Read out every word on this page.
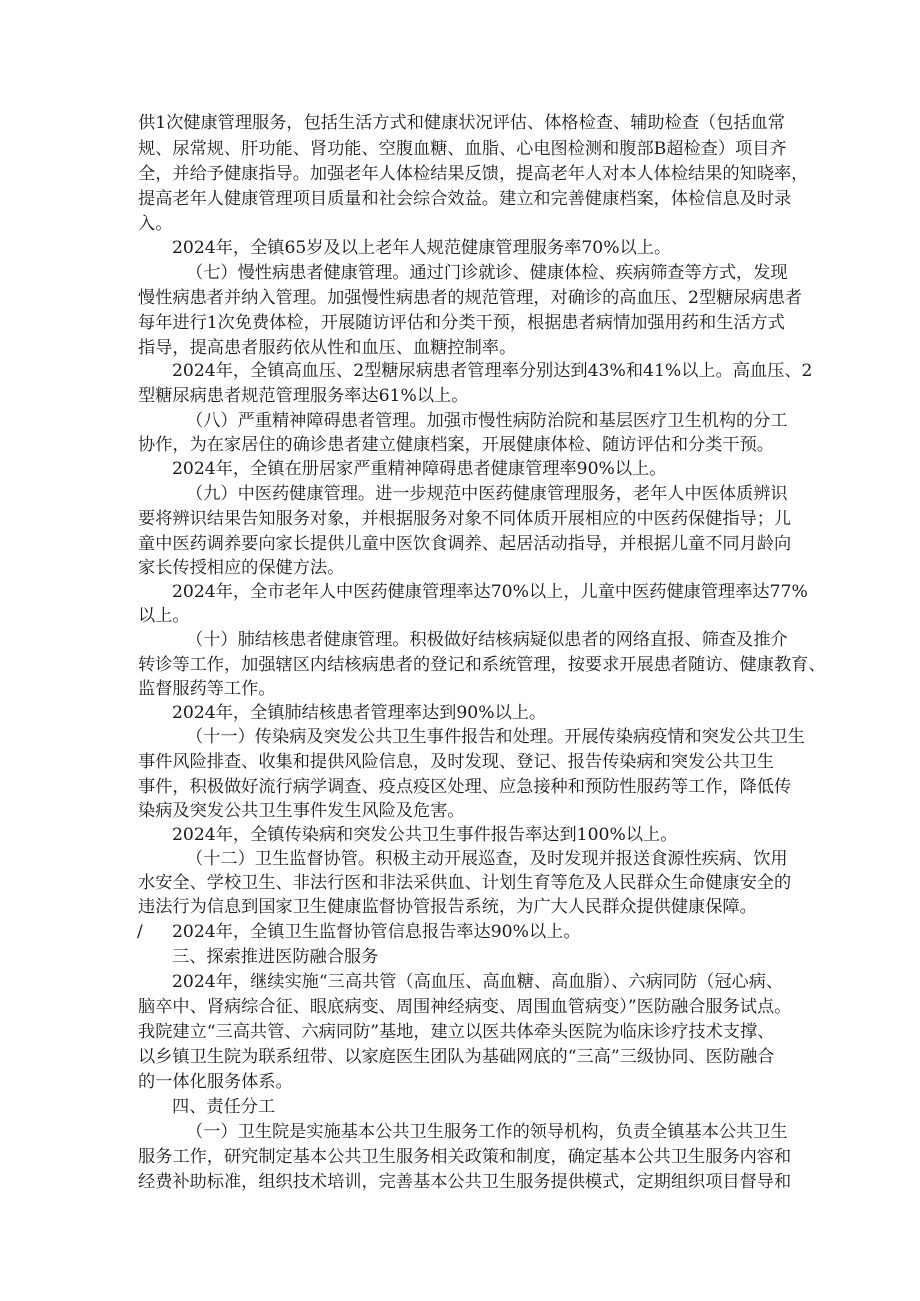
供1次健康管理服务，包括生活方式和健康状况评估、体格检查、辅助检查（包括血常
规、尿常规、肝功能、肾功能、空腹血糖、血脂、心电图检测和腹部B超检查）项目齐
全，并给予健康指导。加强老年人体检结果反馈，提高老年人对本人体检结果的知晓率，
提高老年人健康管理项目质量和社会综合效益。建立和完善健康档案，体检信息及时录
入。
2024年，全镇65岁及以上老年人规范健康管理服务率70%以上。
（七）慢性病患者健康管理。通过门诊就诊、健康体检、疾病筛查等方式，发现
慢性病患者并纳入管理。加强慢性病患者的规范管理，对确诊的高血压、2型糖尿病患者
每年进行1次免费体检，开展随访评估和分类干预，根据患者病情加强用药和生活方式
指导，提高患者服药依从性和血压、血糖控制率。
2024年，全镇高血压、2型糖尿病患者管理率分别达到43%和41%以上。高血压、2
型糖尿病患者规范管理服务率达61%以上。
（八）严重精神障碍患者管理。加强市慢性病防治院和基层医疗卫生机构的分工
协作，为在家居住的确诊患者建立健康档案，开展健康体检、随访评估和分类干预。
2024年，全镇在册居家严重精神障碍患者健康管理率90%以上。
（九）中医药健康管理。进一步规范中医药健康管理服务，老年人中医体质辨识
要将辨识结果告知服务对象，并根据服务对象不同体质开展相应的中医药保健指导；儿
童中医药调养要向家长提供儿童中医饮食调养、起居活动指导，并根据儿童不同月龄向
家长传授相应的保健方法。
2024年，全市老年人中医药健康管理率达70%以上，儿童中医药健康管理率达77%
以上。
（十）肺结核患者健康管理。积极做好结核病疑似患者的网络直报、筛查及推介
转诊等工作，加强辖区内结核病患者的登记和系统管理，按要求开展患者随访、健康教育、
监督服药等工作。
2024年，全镇肺结核患者管理率达到90%以上。
（十一）传染病及突发公共卫生事件报告和处理。开展传染病疫情和突发公共卫生
事件风险排查、收集和提供风险信息，及时发现、登记、报告传染病和突发公共卫生
事件，积极做好流行病学调查、疫点疫区处理、应急接种和预防性服药等工作，降低传
染病及突发公共卫生事件发生风险及危害。
2024年，全镇传染病和突发公共卫生事件报告率达到100%以上。
（十二）卫生监督协管。积极主动开展巡查，及时发现并报送食源性疾病、饮用
水安全、学校卫生、非法行医和非法采供血、计划生育等危及人民群众生命健康安全的
违法行为信息到国家卫生健康监督协管报告系统，为广大人民群众提供健康保障。
/ 2024年，全镇卫生监督协管信息报告率达90%以上。
三、探索推进医防融合服务
2024年，继续实施“三高共管（高血压、高血糖、高血脂）、六病同防（冠心病、
脑卒中、肾病综合征、眼底病变、周围神经病变、周围血管病变）”医防融合服务试点。
我院建立“三高共管、六病同防”基地，建立以医共体牵头医院为临床诊疗技术支撑、
以乡镇卫生院为联系纽带、以家庭医生团队为基础网底的“三高”三级协同、医防融合
的一体化服务体系。
四、责任分工
（一）卫生院是实施基本公共卫生服务工作的领导机构，负责全镇基本公共卫生
服务工作，研究制定基本公共卫生服务相关政策和制度，确定基本公共卫生服务内容和
经费补助标准，组织技术培训，完善基本公共卫生服务提供模式，定期组织项目督导和
